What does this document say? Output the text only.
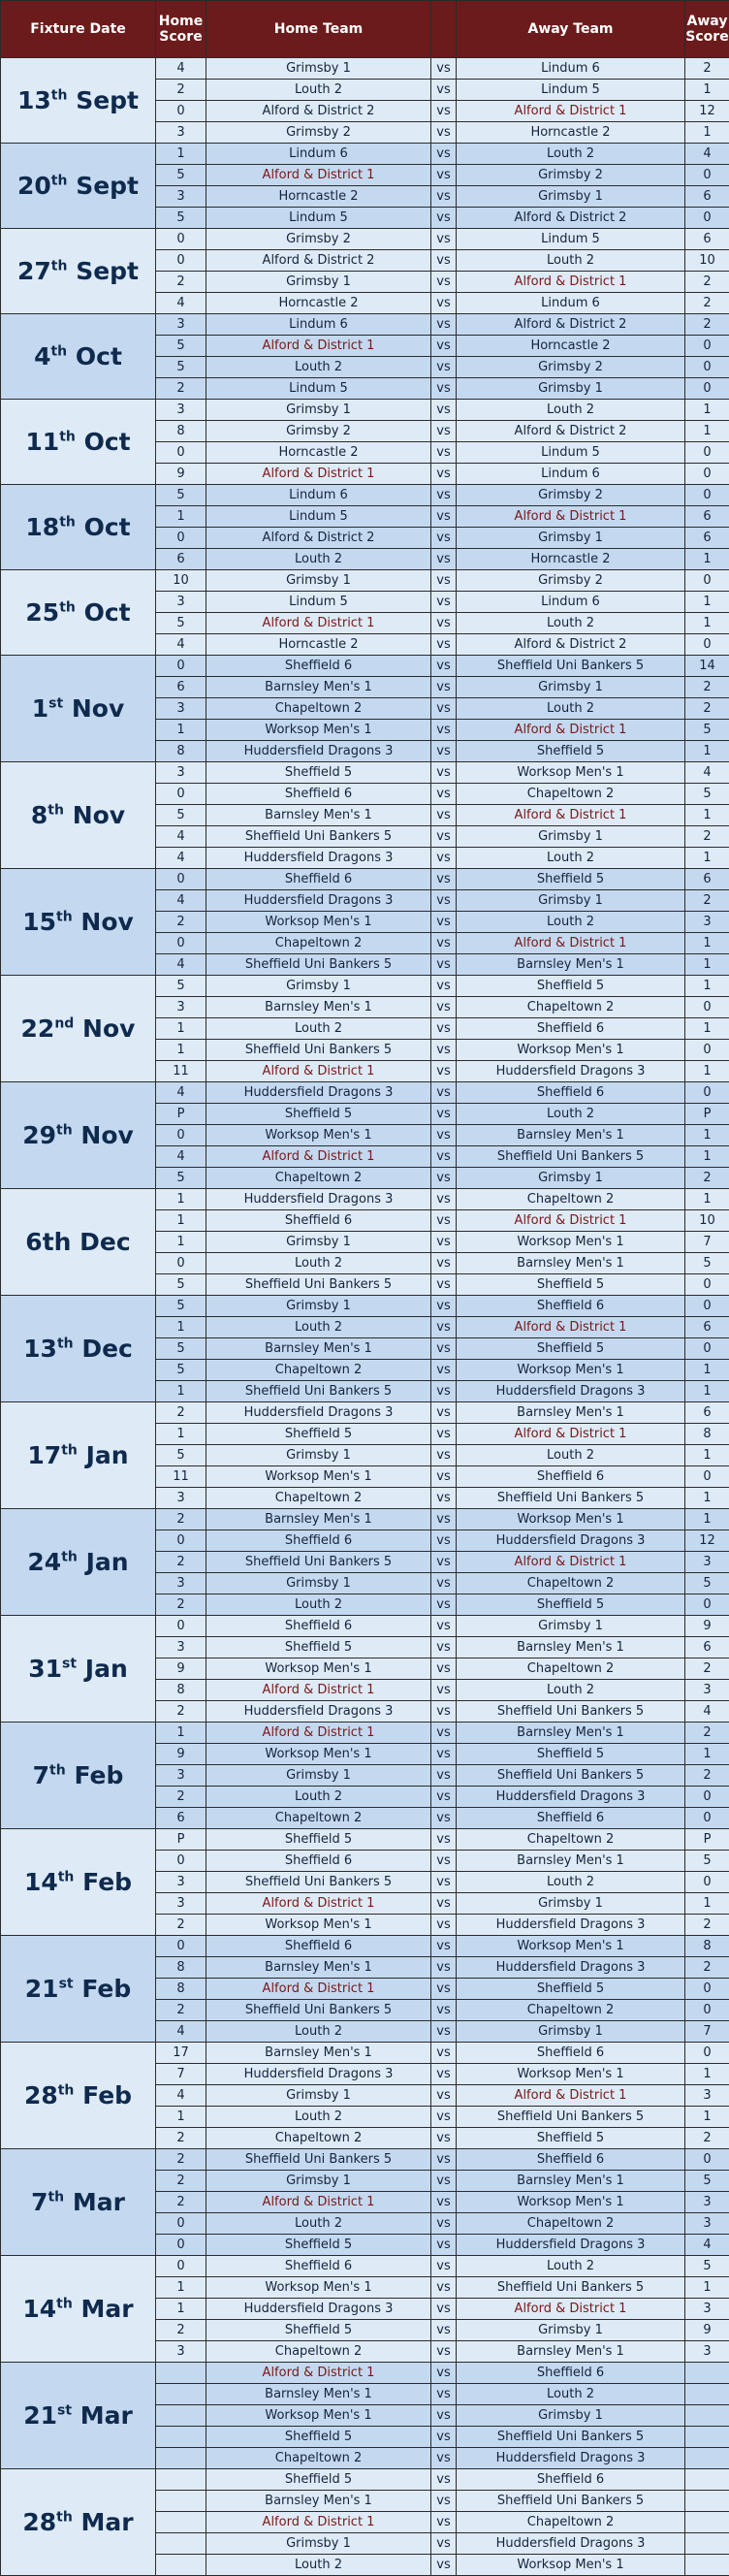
Fixture Date	Home Score	Home Team		Away Team	Away Score
13th Sept	4	Grimsby 1	vs	Lindum 6	2
	2	Louth 2	vs	Lindum 5	1
	0	Alford & District 2	vs	Alford & District 1	12
	3	Grimsby 2	vs	Horncastle 2	1
20th Sept	1	Lindum 6	vs	Louth 2	4
	5	Alford & District 1	vs	Grimsby 2	0
	3	Horncastle 2	vs	Grimsby 1	6
	5	Lindum 5	vs	Alford & District 2	0
27th Sept	0	Grimsby 2	vs	Lindum 5	6
	0	Alford & District 2	vs	Louth 2	10
	2	Grimsby 1	vs	Alford & District 1	2
	4	Horncastle 2	vs	Lindum 6	2
4th Oct	3	Lindum 6	vs	Alford & District 2	2
	5	Alford & District 1	vs	Horncastle 2	0
	5	Louth 2	vs	Grimsby 2	0
	2	Lindum 5	vs	Grimsby 1	0
11th Oct	3	Grimsby 1	vs	Louth 2	1
	8	Grimsby 2	vs	Alford & District 2	1
	0	Horncastle 2	vs	Lindum 5	0
	9	Alford & District 1	vs	Lindum 6	0
18th Oct	5	Lindum 6	vs	Grimsby 2	0
	1	Lindum 5	vs	Alford & District 1	6
	0	Alford & District 2	vs	Grimsby 1	6
	6	Louth 2	vs	Horncastle 2	1
25th Oct	10	Grimsby 1	vs	Grimsby 2	0
	3	Lindum 5	vs	Lindum 6	1
	5	Alford & District 1	vs	Louth 2	1
	4	Horncastle 2	vs	Alford & District 2	0
1st Nov	0	Sheffield 6	vs	Sheffield Uni Bankers 5	14
	6	Barnsley Men's 1	vs	Grimsby 1	2
	3	Chapeltown 2	vs	Louth 2	2
	1	Worksop Men's 1	vs	Alford & District 1	5
	8	Huddersfield Dragons 3	vs	Sheffield 5	1
8th Nov	3	Sheffield 5	vs	Worksop Men's 1	4
	0	Sheffield 6	vs	Chapeltown 2	5
	5	Barnsley Men's 1	vs	Alford & District 1	1
	4	Sheffield Uni Bankers 5	vs	Grimsby 1	2
	4	Huddersfield Dragons 3	vs	Louth 2	1
15th Nov	0	Sheffield 6	vs	Sheffield 5	6
	4	Huddersfield Dragons 3	vs	Grimsby 1	2
	2	Worksop Men's 1	vs	Louth 2	3
	0	Chapeltown 2	vs	Alford & District 1	1
	4	Sheffield Uni Bankers 5	vs	Barnsley Men's 1	1
22nd Nov	5	Grimsby 1	vs	Sheffield 5	1
	3	Barnsley Men's 1	vs	Chapeltown 2	0
	1	Louth 2	vs	Sheffield 6	1
	1	Sheffield Uni Bankers 5	vs	Worksop Men's 1	0
	11	Alford & District 1	vs	Huddersfield Dragons 3	1
29th Nov	4	Huddersfield Dragons 3	vs	Sheffield 6	0
	P	Sheffield 5	vs	Louth 2	P
	0	Worksop Men's 1	vs	Barnsley Men's 1	1
	4	Alford & District 1	vs	Sheffield Uni Bankers 5	1
	5	Chapeltown 2	vs	Grimsby 1	2
6th Dec	1	Huddersfield Dragons 3	vs	Chapeltown 2	1
	1	Sheffield 6	vs	Alford & District 1	10
	1	Grimsby 1	vs	Worksop Men's 1	7
	0	Louth 2	vs	Barnsley Men's 1	5
	5	Sheffield Uni Bankers 5	vs	Sheffield 5	0
13th Dec	5	Grimsby 1	vs	Sheffield 6	0
	1	Louth 2	vs	Alford & District 1	6
	5	Barnsley Men's 1	vs	Sheffield 5	0
	5	Chapeltown 2	vs	Worksop Men's 1	1
	1	Sheffield Uni Bankers 5	vs	Huddersfield Dragons 3	1
17th Jan	2	Huddersfield Dragons 3	vs	Barnsley Men's 1	6
	1	Sheffield 5	vs	Alford & District 1	8
	5	Grimsby 1	vs	Louth 2	1
	11	Worksop Men's 1	vs	Sheffield 6	0
	3	Chapeltown 2	vs	Sheffield Uni Bankers 5	1
24th Jan	2	Barnsley Men's 1	vs	Worksop Men's 1	1
	0	Sheffield 6	vs	Huddersfield Dragons 3	12
	2	Sheffield Uni Bankers 5	vs	Alford & District 1	3
	3	Grimsby 1	vs	Chapeltown 2	5
	2	Louth 2	vs	Sheffield 5	0
31st Jan	0	Sheffield 6	vs	Grimsby 1	9
	3	Sheffield 5	vs	Barnsley Men's 1	6
	9	Worksop Men's 1	vs	Chapeltown 2	2
	8	Alford & District 1	vs	Louth 2	3
	2	Huddersfield Dragons 3	vs	Sheffield Uni Bankers 5	4
7th Feb	1	Alford & District 1	vs	Barnsley Men's 1	2
	9	Worksop Men's 1	vs	Sheffield 5	1
	3	Grimsby 1	vs	Sheffield Uni Bankers 5	2
	2	Louth 2	vs	Huddersfield Dragons 3	0
	6	Chapeltown 2	vs	Sheffield 6	0
14th Feb	P	Sheffield 5	vs	Chapeltown 2	P
	0	Sheffield 6	vs	Barnsley Men's 1	5
	3	Sheffield Uni Bankers 5	vs	Louth 2	0
	3	Alford & District 1	vs	Grimsby 1	1
	2	Worksop Men's 1	vs	Huddersfield Dragons 3	2
21st Feb	0	Sheffield 6	vs	Worksop Men's 1	8
	8	Barnsley Men's 1	vs	Huddersfield Dragons 3	2
	8	Alford & District 1	vs	Sheffield 5	0
	2	Sheffield Uni Bankers 5	vs	Chapeltown 2	0
	4	Louth 2	vs	Grimsby 1	7
28th Feb	17	Barnsley Men's 1	vs	Sheffield 6	0
	7	Huddersfield Dragons 3	vs	Worksop Men's 1	1
	4	Grimsby 1	vs	Alford & District 1	3
	1	Louth 2	vs	Sheffield Uni Bankers 5	1
	2	Chapeltown 2	vs	Sheffield 5	2
7th Mar	2	Sheffield Uni Bankers 5	vs	Sheffield 6	0
	2	Grimsby 1	vs	Barnsley Men's 1	5
	2	Alford & District 1	vs	Worksop Men's 1	3
	0	Louth 2	vs	Chapeltown 2	3
	0	Sheffield 5	vs	Huddersfield Dragons 3	4
14th Mar	0	Sheffield 6	vs	Louth 2	5
	1	Worksop Men's 1	vs	Sheffield Uni Bankers 5	1
	1	Huddersfield Dragons 3	vs	Alford & District 1	3
	2	Sheffield 5	vs	Grimsby 1	9
	3	Chapeltown 2	vs	Barnsley Men's 1	3
21st Mar		Alford & District 1	vs	Sheffield 6	
		Barnsley Men's 1	vs	Louth 2	
		Worksop Men's 1	vs	Grimsby 1	
		Sheffield 5	vs	Sheffield Uni Bankers 5	
		Chapeltown 2	vs	Huddersfield Dragons 3	
28th Mar		Sheffield 5	vs	Sheffield 6	
		Barnsley Men's 1	vs	Sheffield Uni Bankers 5	
		Alford & District 1	vs	Chapeltown 2	
		Grimsby 1	vs	Huddersfield Dragons 3	
		Louth 2	vs	Worksop Men's 1	
